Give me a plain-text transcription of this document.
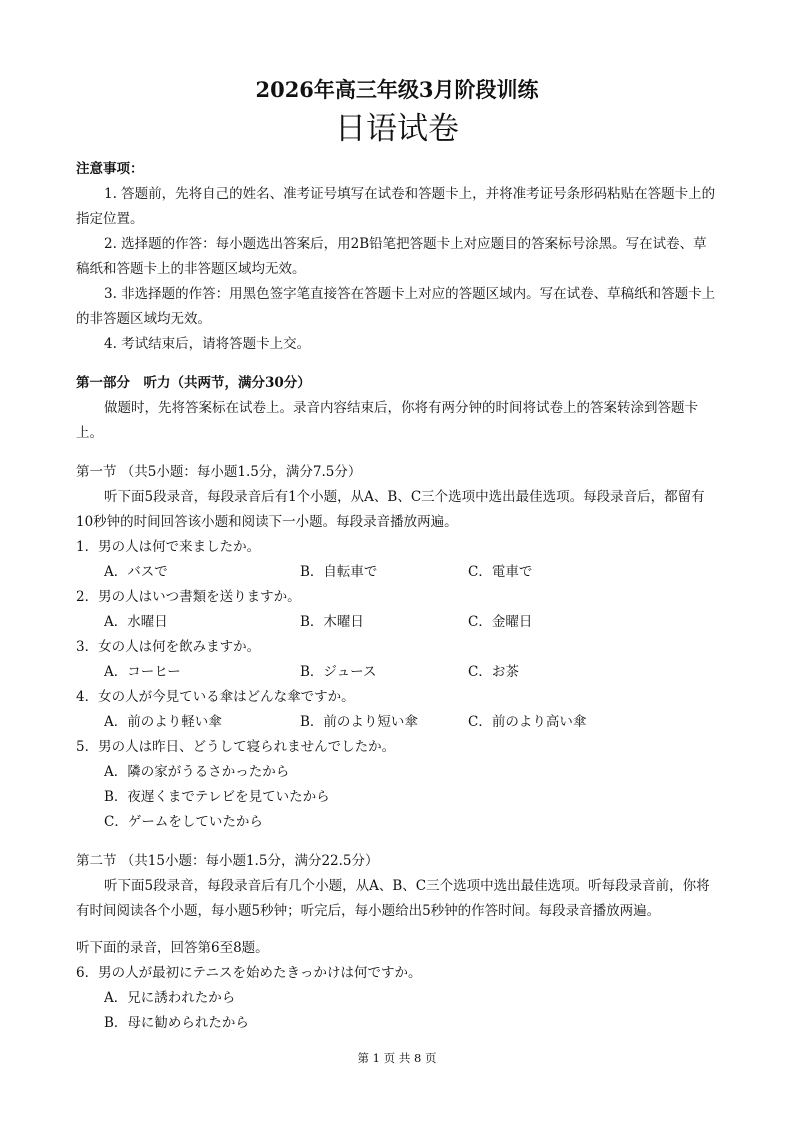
2026年高三年级3月阶段训练
日语试卷

注意事项：

1. 答题前，先将自己的姓名、准考证号填写在试卷和答题卡上，并将准考证号条形码粘贴在答题卡上的指定位置。

2. 选择题的作答：每小题选出答案后，用2B铅笔把答题卡上对应题目的答案标号涂黑。写在试卷、草稿纸和答题卡上的非答题区域均无效。

3. 非选择题的作答：用黑色签字笔直接答在答题卡上对应的答题区域内。写在试卷、草稿纸和答题卡上的非答题区域均无效。

4. 考试结束后，请将答题卡上交。

第一部分　听力（共两节，满分30分）

做题时，先将答案标在试卷上。录音内容结束后，你将有两分钟的时间将试卷上的答案转涂到答题卡上。

第一节 （共5小题：每小题1.5分，满分7.5分）

听下面5段录音，每段录音后有1个小题，从A、B、C三个选项中选出最佳选项。每段录音后，都留有10秒钟的时间回答该小题和阅读下一小题。每段录音播放两遍。

1．男の人は何で来ましたか。

A．バスで	B．自転車で	C．電車で

2．男の人はいつ書類を送りますか。

A．水曜日	B．木曜日	C．金曜日

3．女の人は何を飲みますか。

A．コーヒー	B．ジュース	C．お茶

4．女の人が今見ている傘はどんな傘ですか。

A．前のより軽い傘	B．前のより短い傘	C．前のより高い傘

5．男の人は昨日、どうして寝られませんでしたか。

A．隣の家がうるさかったから

B．夜遅くまでテレビを見ていたから

C．ゲームをしていたから

第二节 （共15小题：每小题1.5分，满分22.5分）

听下面5段录音，每段录音后有几个小题，从A、B、C三个选项中选出最佳选项。听每段录音前，你将有时间阅读各个小题，每小题5秒钟；听完后，每小题给出5秒钟的作答时间。每段录音播放两遍。

听下面的录音，回答第6至8题。

6．男の人が最初にテニスを始めたきっかけは何ですか。

A．兄に誘われたから

B．母に勧められたから

第 1 页 共 8 页
